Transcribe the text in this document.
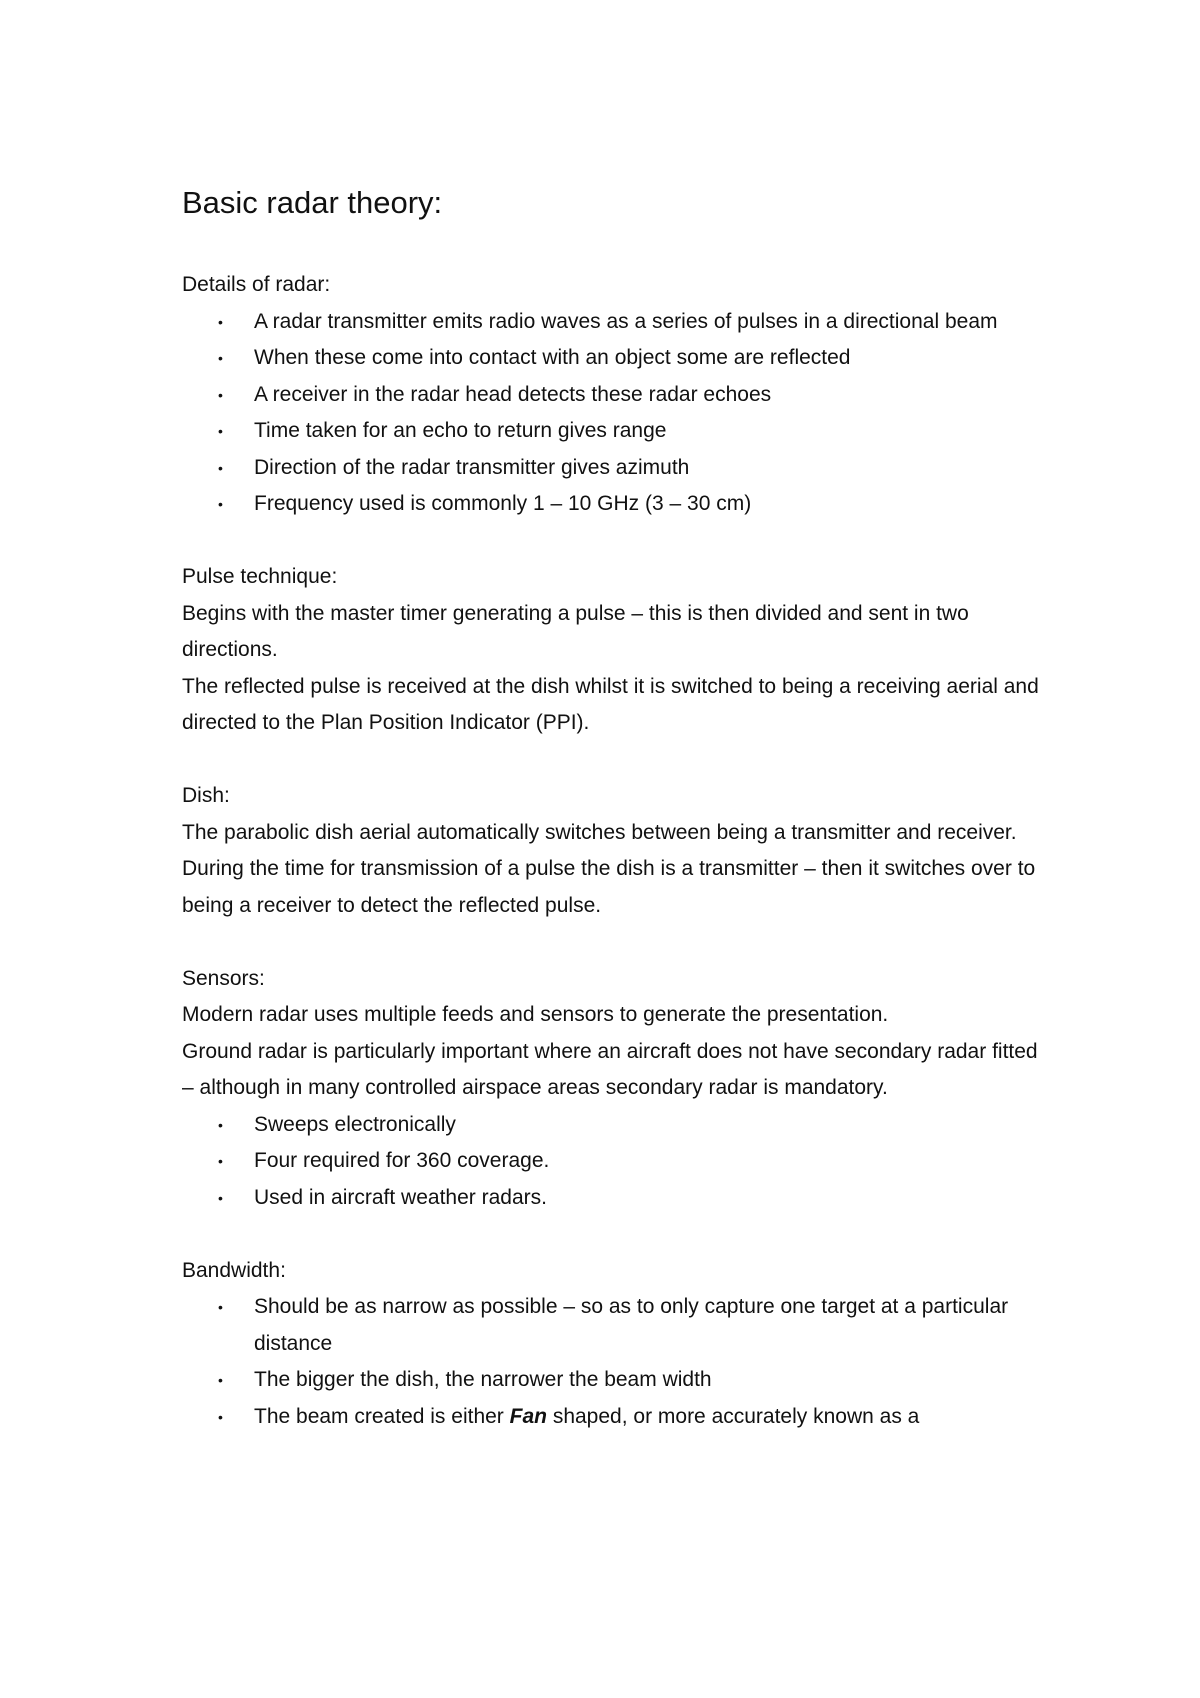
Basic radar theory:

Details of radar:

• A radar transmitter emits radio waves as a series of pulses in a directional beam
• When these come into contact with an object some are reflected
• A receiver in the radar head detects these radar echoes
• Time taken for an echo to return gives range
• Direction of the radar transmitter gives azimuth
• Frequency used is commonly 1 – 10 GHz (3 – 30 cm)

Pulse technique:

Begins with the master timer generating a pulse – this is then divided and sent in two directions.

The reflected pulse is received at the dish whilst it is switched to being a receiving aerial and directed to the Plan Position Indicator (PPI).

Dish:

The parabolic dish aerial automatically switches between being a transmitter and receiver.

During the time for transmission of a pulse the dish is a transmitter – then it switches over to being a receiver to detect the reflected pulse.

Sensors:

Modern radar uses multiple feeds and sensors to generate the presentation.

Ground radar is particularly important where an aircraft does not have secondary radar fitted – although in many controlled airspace areas secondary radar is mandatory.

• Sweeps electronically
• Four required for 360 coverage.
• Used in aircraft weather radars.

Bandwidth:

• Should be as narrow as possible – so as to only capture one target at a particular distance
• The bigger the dish, the narrower the beam width
• The beam created is either Fan shaped, or more accurately known as a
